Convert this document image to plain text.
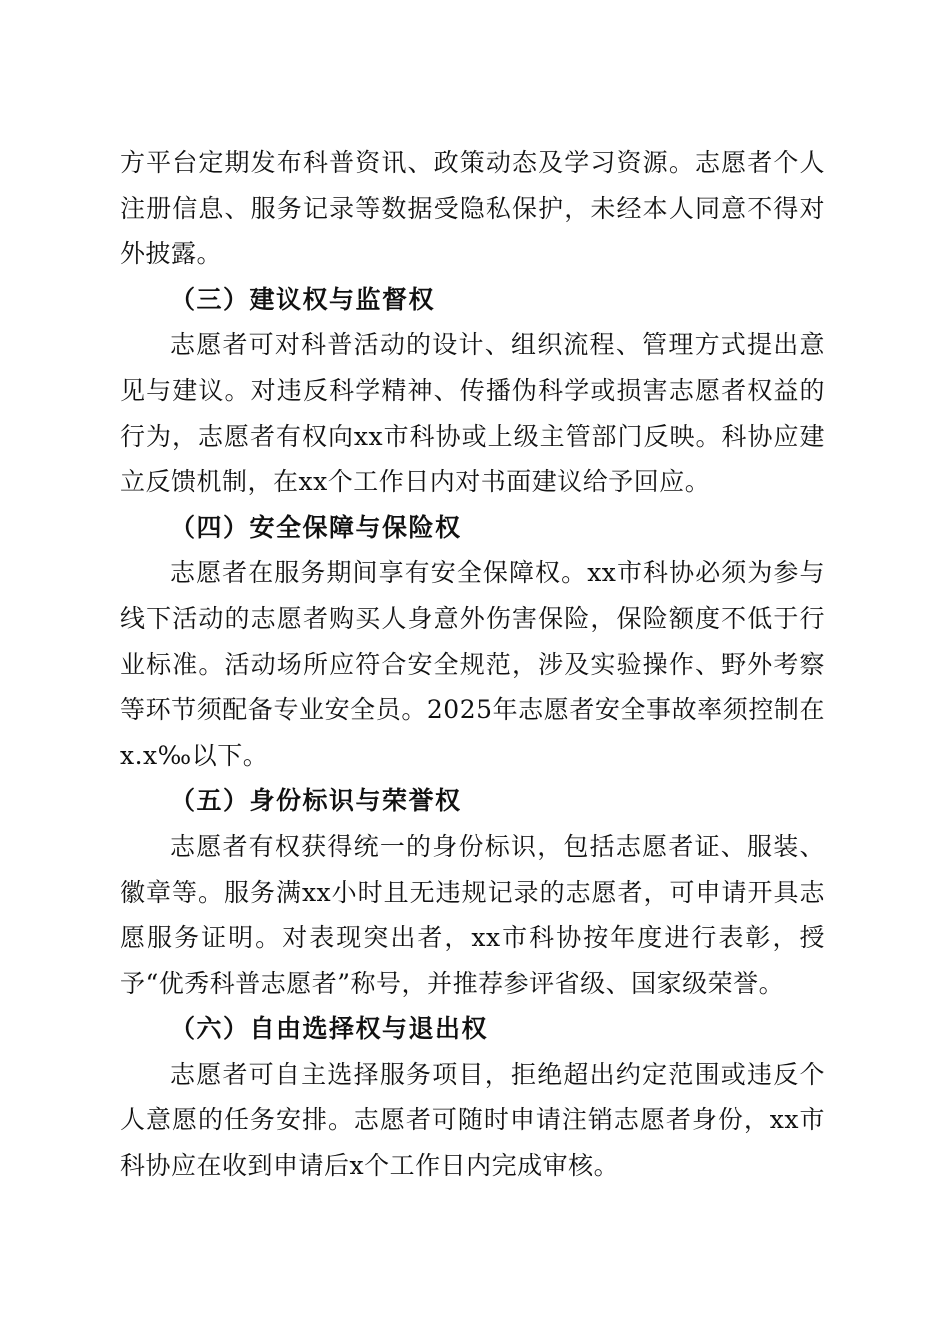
方平台定期发布科普资讯、政策动态及学习资源。志愿者个人注册信息、服务记录等数据受隐私保护，未经本人同意不得对外披露。

（三）建议权与监督权

志愿者可对科普活动的设计、组织流程、管理方式提出意见与建议。对违反科学精神、传播伪科学或损害志愿者权益的行为，志愿者有权向xx市科协或上级主管部门反映。科协应建立反馈机制，在xx个工作日内对书面建议给予回应。

（四）安全保障与保险权

志愿者在服务期间享有安全保障权。xx市科协必须为参与线下活动的志愿者购买人身意外伤害保险，保险额度不低于行业标准。活动场所应符合安全规范，涉及实验操作、野外考察等环节须配备专业安全员。2025年志愿者安全事故率须控制在x.x‰以下。

（五）身份标识与荣誉权

志愿者有权获得统一的身份标识，包括志愿者证、服装、徽章等。服务满xx小时且无违规记录的志愿者，可申请开具志愿服务证明。对表现突出者，xx市科协按年度进行表彰，授予“优秀科普志愿者”称号，并推荐参评省级、国家级荣誉。

（六）自由选择权与退出权

志愿者可自主选择服务项目，拒绝超出约定范围或违反个人意愿的任务安排。志愿者可随时申请注销志愿者身份，xx市科协应在收到申请后x个工作日内完成审核。
